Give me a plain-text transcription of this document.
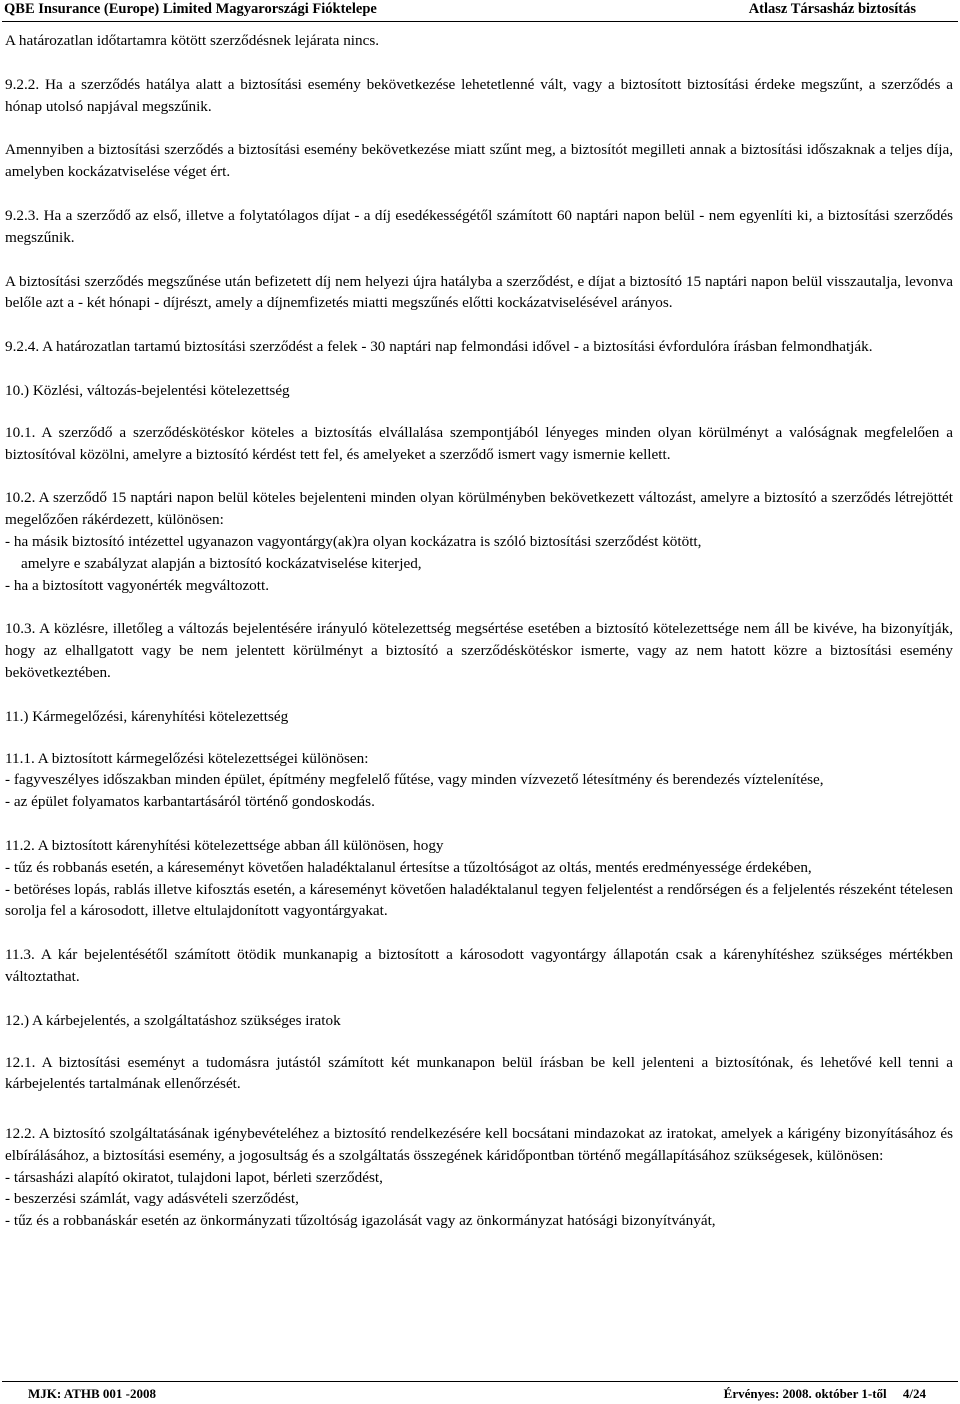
QBE Insurance (Europe) Limited Magyarországi Fióktelepe	Atlasz Társasház biztosítás

A határozatlan időtartamra kötött szerződésnek lejárata nincs.

9.2.2. Ha a szerződés hatálya alatt a biztosítási esemény bekövetkezése lehetetlenné vált, vagy a biztosított biztosítási érdeke megszűnt, a szerződés a hónap utolsó napjával megszűnik.

Amennyiben a biztosítási szerződés a biztosítási esemény bekövetkezése miatt szűnt meg, a biztosítót megilleti annak a biztosítási időszaknak a teljes díja, amelyben kockázatviselése véget ért.

9.2.3. Ha a szerződő az első, illetve a folytatólagos díjat - a díj esedékességétől számított 60 naptári napon belül - nem egyenlíti ki, a biztosítási szerződés megszűnik.

A biztosítási szerződés megszűnése után befizetett díj nem helyezi újra hatályba a szerződést, e díjat a biztosító 15 naptári napon belül visszautalja, levonva belőle azt a - két hónapi - díjrészt, amely a díjnemfizetés miatti megszűnés előtti kockázatviselésével arányos.

9.2.4. A határozatlan tartamú biztosítási szerződést a felek - 30 naptári nap felmondási idővel - a biztosítási évfordulóra írásban felmondhatják.

10.) Közlési, változás-bejelentési kötelezettség

10.1. A szerződő a szerződéskötéskor köteles a biztosítás elvállalása szempontjából lényeges minden olyan körülményt a valóságnak megfelelően a biztosítóval közölni, amelyre a biztosító kérdést tett fel, és amelyeket a szerződő ismert vagy ismernie kellett.

10.2. A szerződő 15 naptári napon belül köteles bejelenteni minden olyan körülményben bekövetkezett változást, amelyre a biztosító a szerződés létrejöttét megelőzően rákérdezett, különösen:

- ha másik biztosító intézettel ugyanazon vagyontárgy(ak)ra olyan kockázatra is szóló biztosítási szerződést kötött,

amelyre e szabályzat alapján a biztosító kockázatviselése kiterjed,

- ha a biztosított vagyonérték megváltozott.

10.3. A közlésre, illetőleg a változás bejelentésére irányuló kötelezettség megsértése esetében a biztosító kötelezettsége nem áll be kivéve, ha bizonyítják, hogy az elhallgatott vagy be nem jelentett körülményt a biztosító a szerződéskötéskor ismerte, vagy az nem hatott közre a biztosítási esemény bekövetkeztében.

11.) Kármegelőzési, kárenyhítési kötelezettség

11.1. A biztosított kármegelőzési kötelezettségei különösen:

- fagyveszélyes időszakban minden épület, építmény megfelelő fűtése, vagy minden vízvezető létesítmény és berendezés víztelenítése,

- az épület folyamatos karbantartásáról történő gondoskodás.

11.2. A biztosított kárenyhítési kötelezettsége abban áll különösen, hogy

- tűz és robbanás esetén, a káreseményt követően haladéktalanul értesítse a tűzoltóságot az oltás, mentés eredményessége érdekében,

- betöréses lopás, rablás illetve kifosztás esetén, a káreseményt követően haladéktalanul tegyen feljelentést a rendőrségen és a feljelentés részeként tételesen sorolja fel a károsodott, illetve eltulajdonított vagyontárgyakat.

11.3. A kár bejelentésétől számított ötödik munkanapig a biztosított a károsodott vagyontárgy állapotán csak a kárenyhítéshez szükséges mértékben változtathat.

12.) A kárbejelentés, a szolgáltatáshoz szükséges iratok

12.1. A biztosítási eseményt a tudomásra jutástól számított két munkanapon belül írásban be kell jelenteni a biztosítónak, és lehetővé kell tenni a kárbejelentés tartalmának ellenőrzését.

12.2. A biztosító szolgáltatásának igénybevételéhez a biztosító rendelkezésére kell bocsátani mindazokat az iratokat, amelyek a kárigény bizonyításához és elbírálásához, a biztosítási esemény, a jogosultság és a szolgáltatás összegének káridőpontban történő megállapításához szükségesek, különösen:

- társasházi alapító okiratot, tulajdoni lapot, bérleti szerződést,

- beszerzési számlát, vagy adásvételi szerződést,

- tűz és a robbanáskár esetén az önkormányzati tűzoltóság igazolását vagy az önkormányzat hatósági bizonyítványát,

MJK: ATHB 001 -2008	Érvényes: 2008. október 1-től     4/24
